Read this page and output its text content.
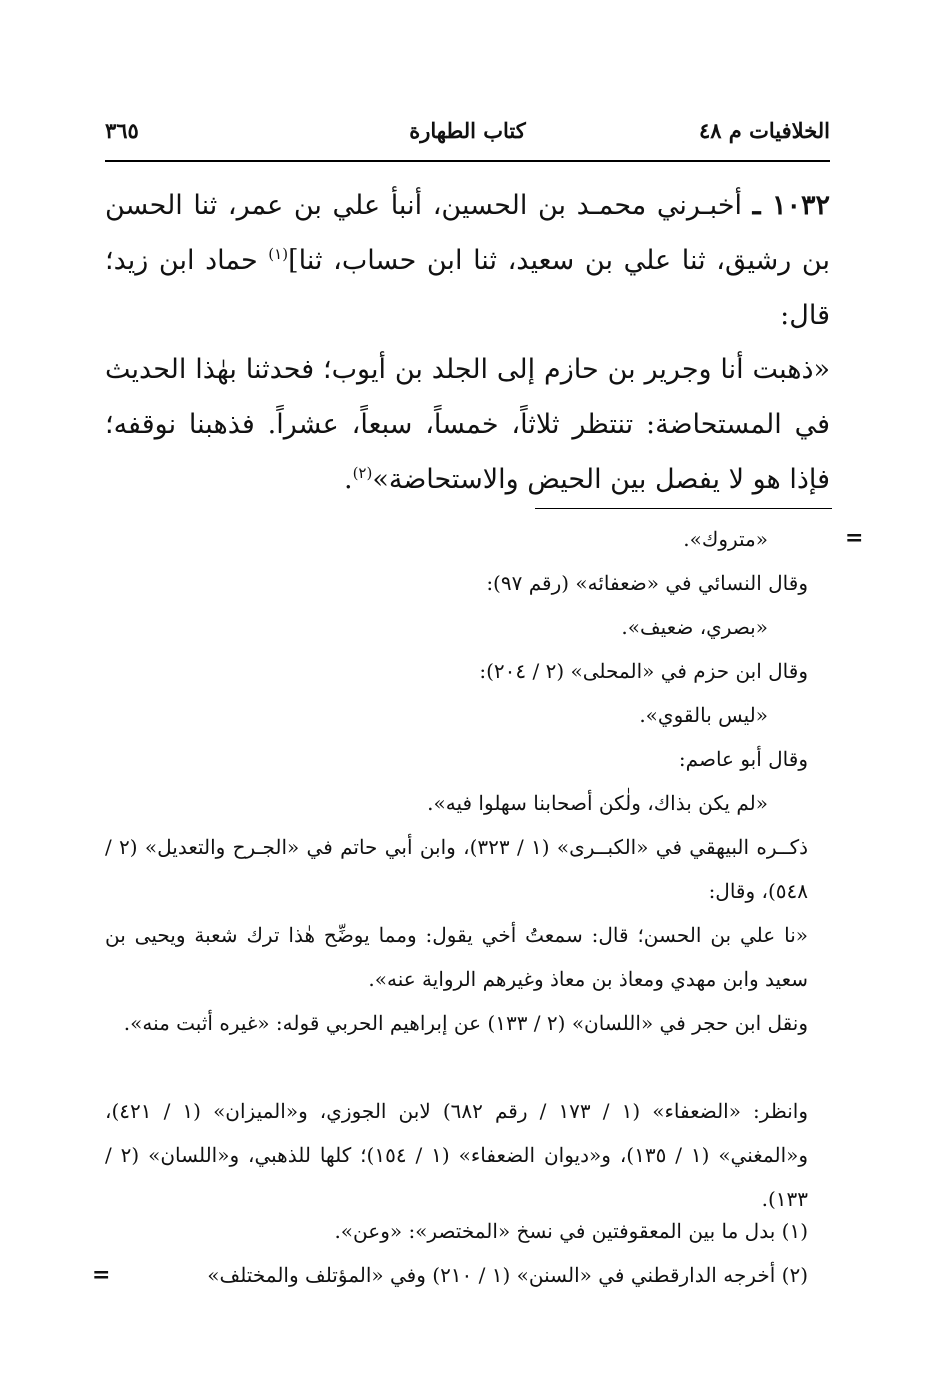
الخلافيات م ٤٨
كتاب الطهارة
٣٦٥

١٠٣٢ ـ أخبـرني محمـد بن الحسين، أنبأ علي بن عمر، ثنا الحسن بن رشيق، ثنا علي بن سعيد، ثنا ابن حساب، ثنا]$^{(١)}$ حماد ابن زيد؛ قال:

«ذهبت أنا وجرير بن حازم إلى الجلد بن أيوب؛ فحدثنا بهٰذا الحديث في المستحاضة: تنتظر ثلاثاً، خمساً، سبعاً، عشراً. فذهبنا نوقفه؛ فإذا هو لا يفصل بين الحيض والاستحاضة»$^{(٢)}$.

=

«متروك».

وقال النسائي في «ضعفائه» (رقم ٩٧):

«بصري، ضعيف».

وقال ابن حزم في «المحلى» (٢ / ٢٠٤):

«ليس بالقوي».

وقال أبو عاصم:

«لم يكن بذاك، ولٰكن أصحابنا سهلوا فيه».

ذكــره البيهقي في «الكبــرى» (١ / ٣٢٣)، وابن أبي حاتم في «الجـرح والتعديل» (٢ / ٥٤٨)، وقال:

«نا علي بن الحسن؛ قال: سمعتُ أخي يقول: ومما يوضِّح هٰذا ترك شعبة ويحيى بن سعيد وابن مهدي ومعاذ بن معاذ وغيرهم الرواية عنه».

ونقل ابن حجر في «اللسان» (٢ / ١٣٣) عن إبراهيم الحربي قوله: «غيره أثبت منه».

وانظر: «الضعفاء» (١ / ١٧٣ / رقم ٦٨٢) لابن الجوزي، و«الميزان» (١ / ٤٢١)، و«المغني» (١ / ١٣٥)، و«ديوان الضعفاء» (١ / ١٥٤)؛ كلها للذهبي، و«اللسان» (٢ / ١٣٣).

(١) بدل ما بين المعقوفتين في نسخ «المختصر»: «وعن».

(٢) أخرجه الدارقطني في «السنن» (١ / ٢١٠) وفي «المؤتلف والمختلف»

=
